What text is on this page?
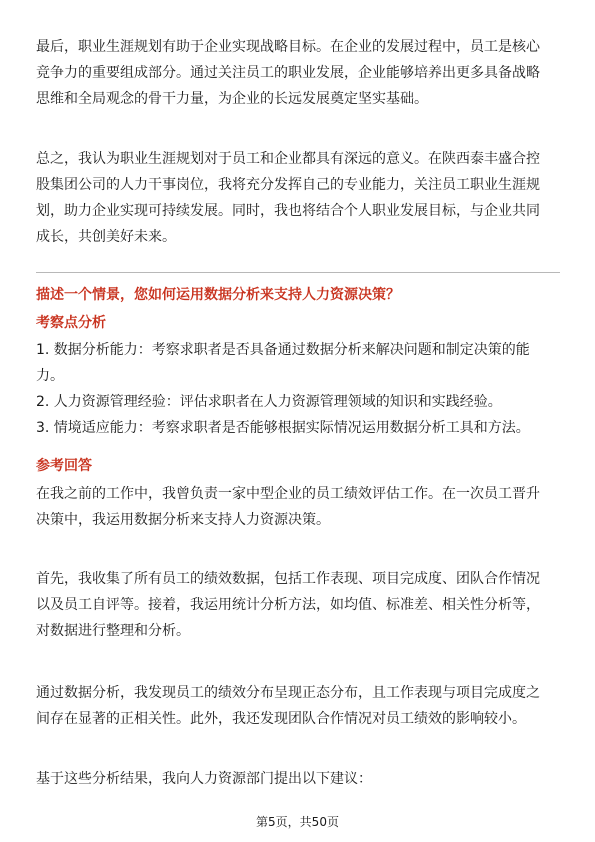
最后，职业生涯规划有助于企业实现战略目标。在企业的发展过程中，员工是核心
竞争力的重要组成部分。通过关注员工的职业发展，企业能够培养出更多具备战略
思维和全局观念的骨干力量，为企业的长远发展奠定坚实基础。

总之，我认为职业生涯规划对于员工和企业都具有深远的意义。在陕西泰丰盛合控
股集团公司的人力干事岗位，我将充分发挥自己的专业能力，关注员工职业生涯规
划，助力企业实现可持续发展。同时，我也将结合个人职业发展目标，与企业共同
成长，共创美好未来。

描述一个情景，您如何运用数据分析来支持人力资源决策？

考察点分析

1. 数据分析能力：考察求职者是否具备通过数据分析来解决问题和制定决策的能
力。
2. 人力资源管理经验：评估求职者在人力资源管理领域的知识和实践经验。
3. 情境适应能力：考察求职者是否能够根据实际情况运用数据分析工具和方法。

参考回答

在我之前的工作中，我曾负责一家中型企业的员工绩效评估工作。在一次员工晋升
决策中，我运用数据分析来支持人力资源决策。

首先，我收集了所有员工的绩效数据，包括工作表现、项目完成度、团队合作情况
以及员工自评等。接着，我运用统计分析方法，如均值、标准差、相关性分析等，
对数据进行整理和分析。

通过数据分析，我发现员工的绩效分布呈现正态分布，且工作表现与项目完成度之
间存在显著的正相关性。此外，我还发现团队合作情况对员工绩效的影响较小。

基于这些分析结果，我向人力资源部门提出以下建议：

第5页，共50页
